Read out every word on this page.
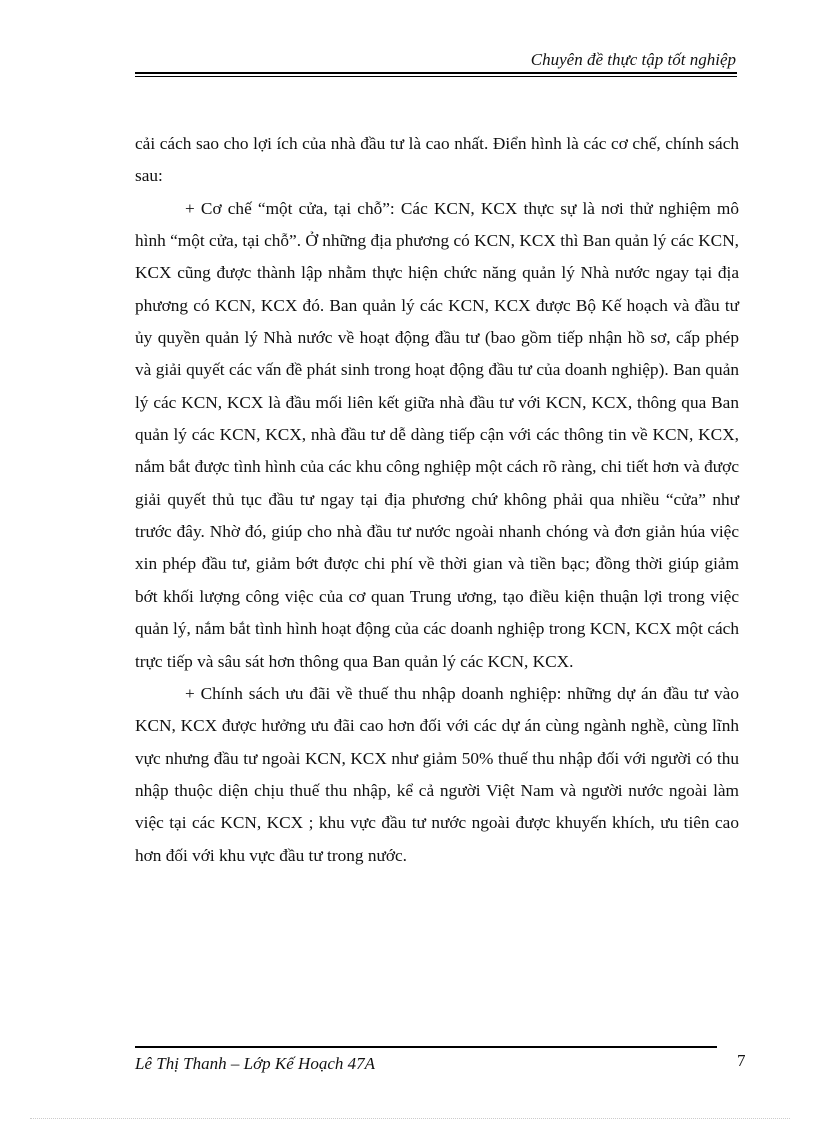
Chuyên đề thực tập tốt nghiệp

cải cách sao cho lợi ích của nhà đầu tư là cao nhất. Điển hình là các cơ chế, chính sách sau:

+ Cơ chế “một cửa, tại chỗ”: Các KCN, KCX thực sự là nơi thử nghiệm mô hình “một cửa, tại chỗ”. Ở những địa phương có KCN, KCX thì Ban quản lý các KCN, KCX cũng được thành lập nhằm thực hiện chức năng quản lý Nhà nước ngay tại địa phương có KCN, KCX đó. Ban quản lý các KCN, KCX được Bộ Kế hoạch và đầu tư ủy quyền quản lý Nhà nước về hoạt động đầu tư (bao gồm tiếp nhận hồ sơ, cấp phép và giải quyết các vấn đề phát sinh trong hoạt động đầu tư của doanh nghiệp). Ban quản lý các KCN, KCX là đầu mối liên kết giữa nhà đầu tư với KCN, KCX, thông qua Ban quản lý các KCN, KCX, nhà đầu tư dễ dàng tiếp cận với các thông tin về KCN, KCX, nắm bắt được tình hình của các khu công nghiệp một cách rõ ràng, chi tiết hơn và được giải quyết thủ tục đầu tư ngay tại địa phương chứ không phải qua nhiều “cửa” như trước đây. Nhờ đó, giúp cho nhà đầu tư nước ngoài nhanh chóng và đơn giản húa việc xin phép đầu tư, giảm bớt được chi phí về thời gian và tiền bạc; đồng thời giúp giảm bớt khối lượng công việc của cơ quan Trung ương, tạo điều kiện thuận lợi trong việc quản lý, nắm bắt tình hình hoạt động của các doanh nghiệp trong KCN, KCX một cách trực tiếp và sâu sát hơn thông qua Ban quản lý các KCN, KCX.

+ Chính sách ưu đãi về thuế thu nhập doanh nghiệp: những dự án đầu tư vào KCN, KCX được hưởng ưu đãi cao hơn đối với các dự án cùng ngành nghề, cùng lĩnh vực nhưng đầu tư ngoài KCN, KCX như giảm 50% thuế thu nhập đối với người có thu nhập thuộc diện chịu thuế thu nhập, kể cả người Việt Nam và người nước ngoài làm việc tại các KCN, KCX ; khu vực đầu tư nước ngoài được khuyến khích, ưu tiên cao hơn đối với khu vực đầu tư trong nước.

Lê Thị Thanh – Lớp Kế Hoạch 47A	7
